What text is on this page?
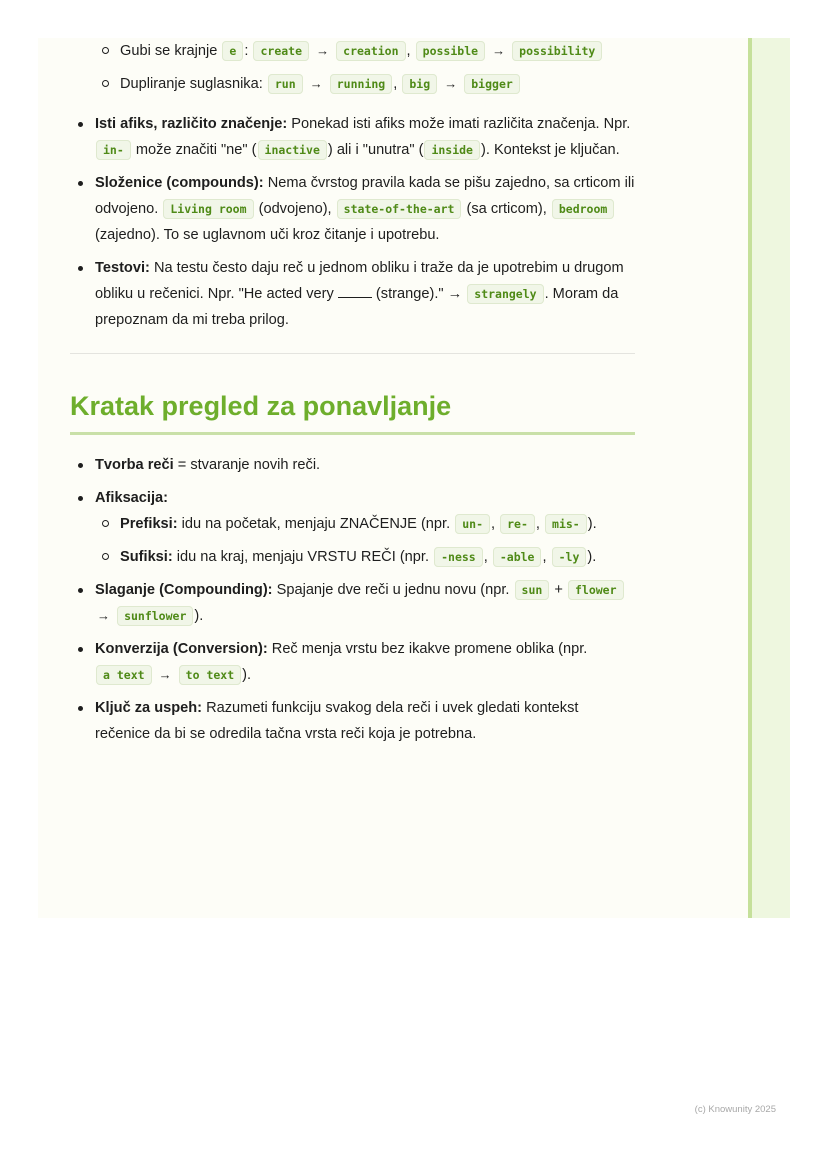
Gubi se krajnje e : create → creation , possible → possibility
Dupliranje suglasnika: run → running , big → bigger
Isti afiks, različito značenje: Ponekad isti afiks može imati različita značenja. Npr. in- može značiti "ne" ( inactive ) ali i "unutra" ( inside ). Kontekst je ključan.
Složenice (compounds): Nema čvrstog pravila kada se pišu zajedno, sa crticom ili odvojeno. Living room (odvojeno), state-of-the-art (sa crticom), bedroom (zajedno). To se uglavnom uči kroz čitanje i upotrebu.
Testovi: Na testu često daju reč u jednom obliku i traže da je upotrebim u drugom obliku u rečenici. Npr. "He acted very	(strange)." → strangely . Moram da prepoznam da mi treba prilog.
Kratak pregled za ponavljanje
Tvorba reči = stvaranje novih reči.
Afiksacija:
Prefiksi: idu na početak, menjaju ZNAČENJE (npr. un- , re- , mis- ).
Sufiksi: idu na kraj, menjaju VRSTU REČI (npr. -ness , -able , -ly ).
Slaganje (Compounding): Spajanje dve reči u jednu novu (npr. sun + flower → sunflower ).
Konverzija (Conversion): Reč menja vrstu bez ikakve promene oblika (npr. a text → to text ).
Ključ za uspeh: Razumeti funkciju svakog dela reči i uvek gledati kontekst rečenice da bi se odredila tačna vrsta reči koja je potrebna.
(c) Knowunity 2025
